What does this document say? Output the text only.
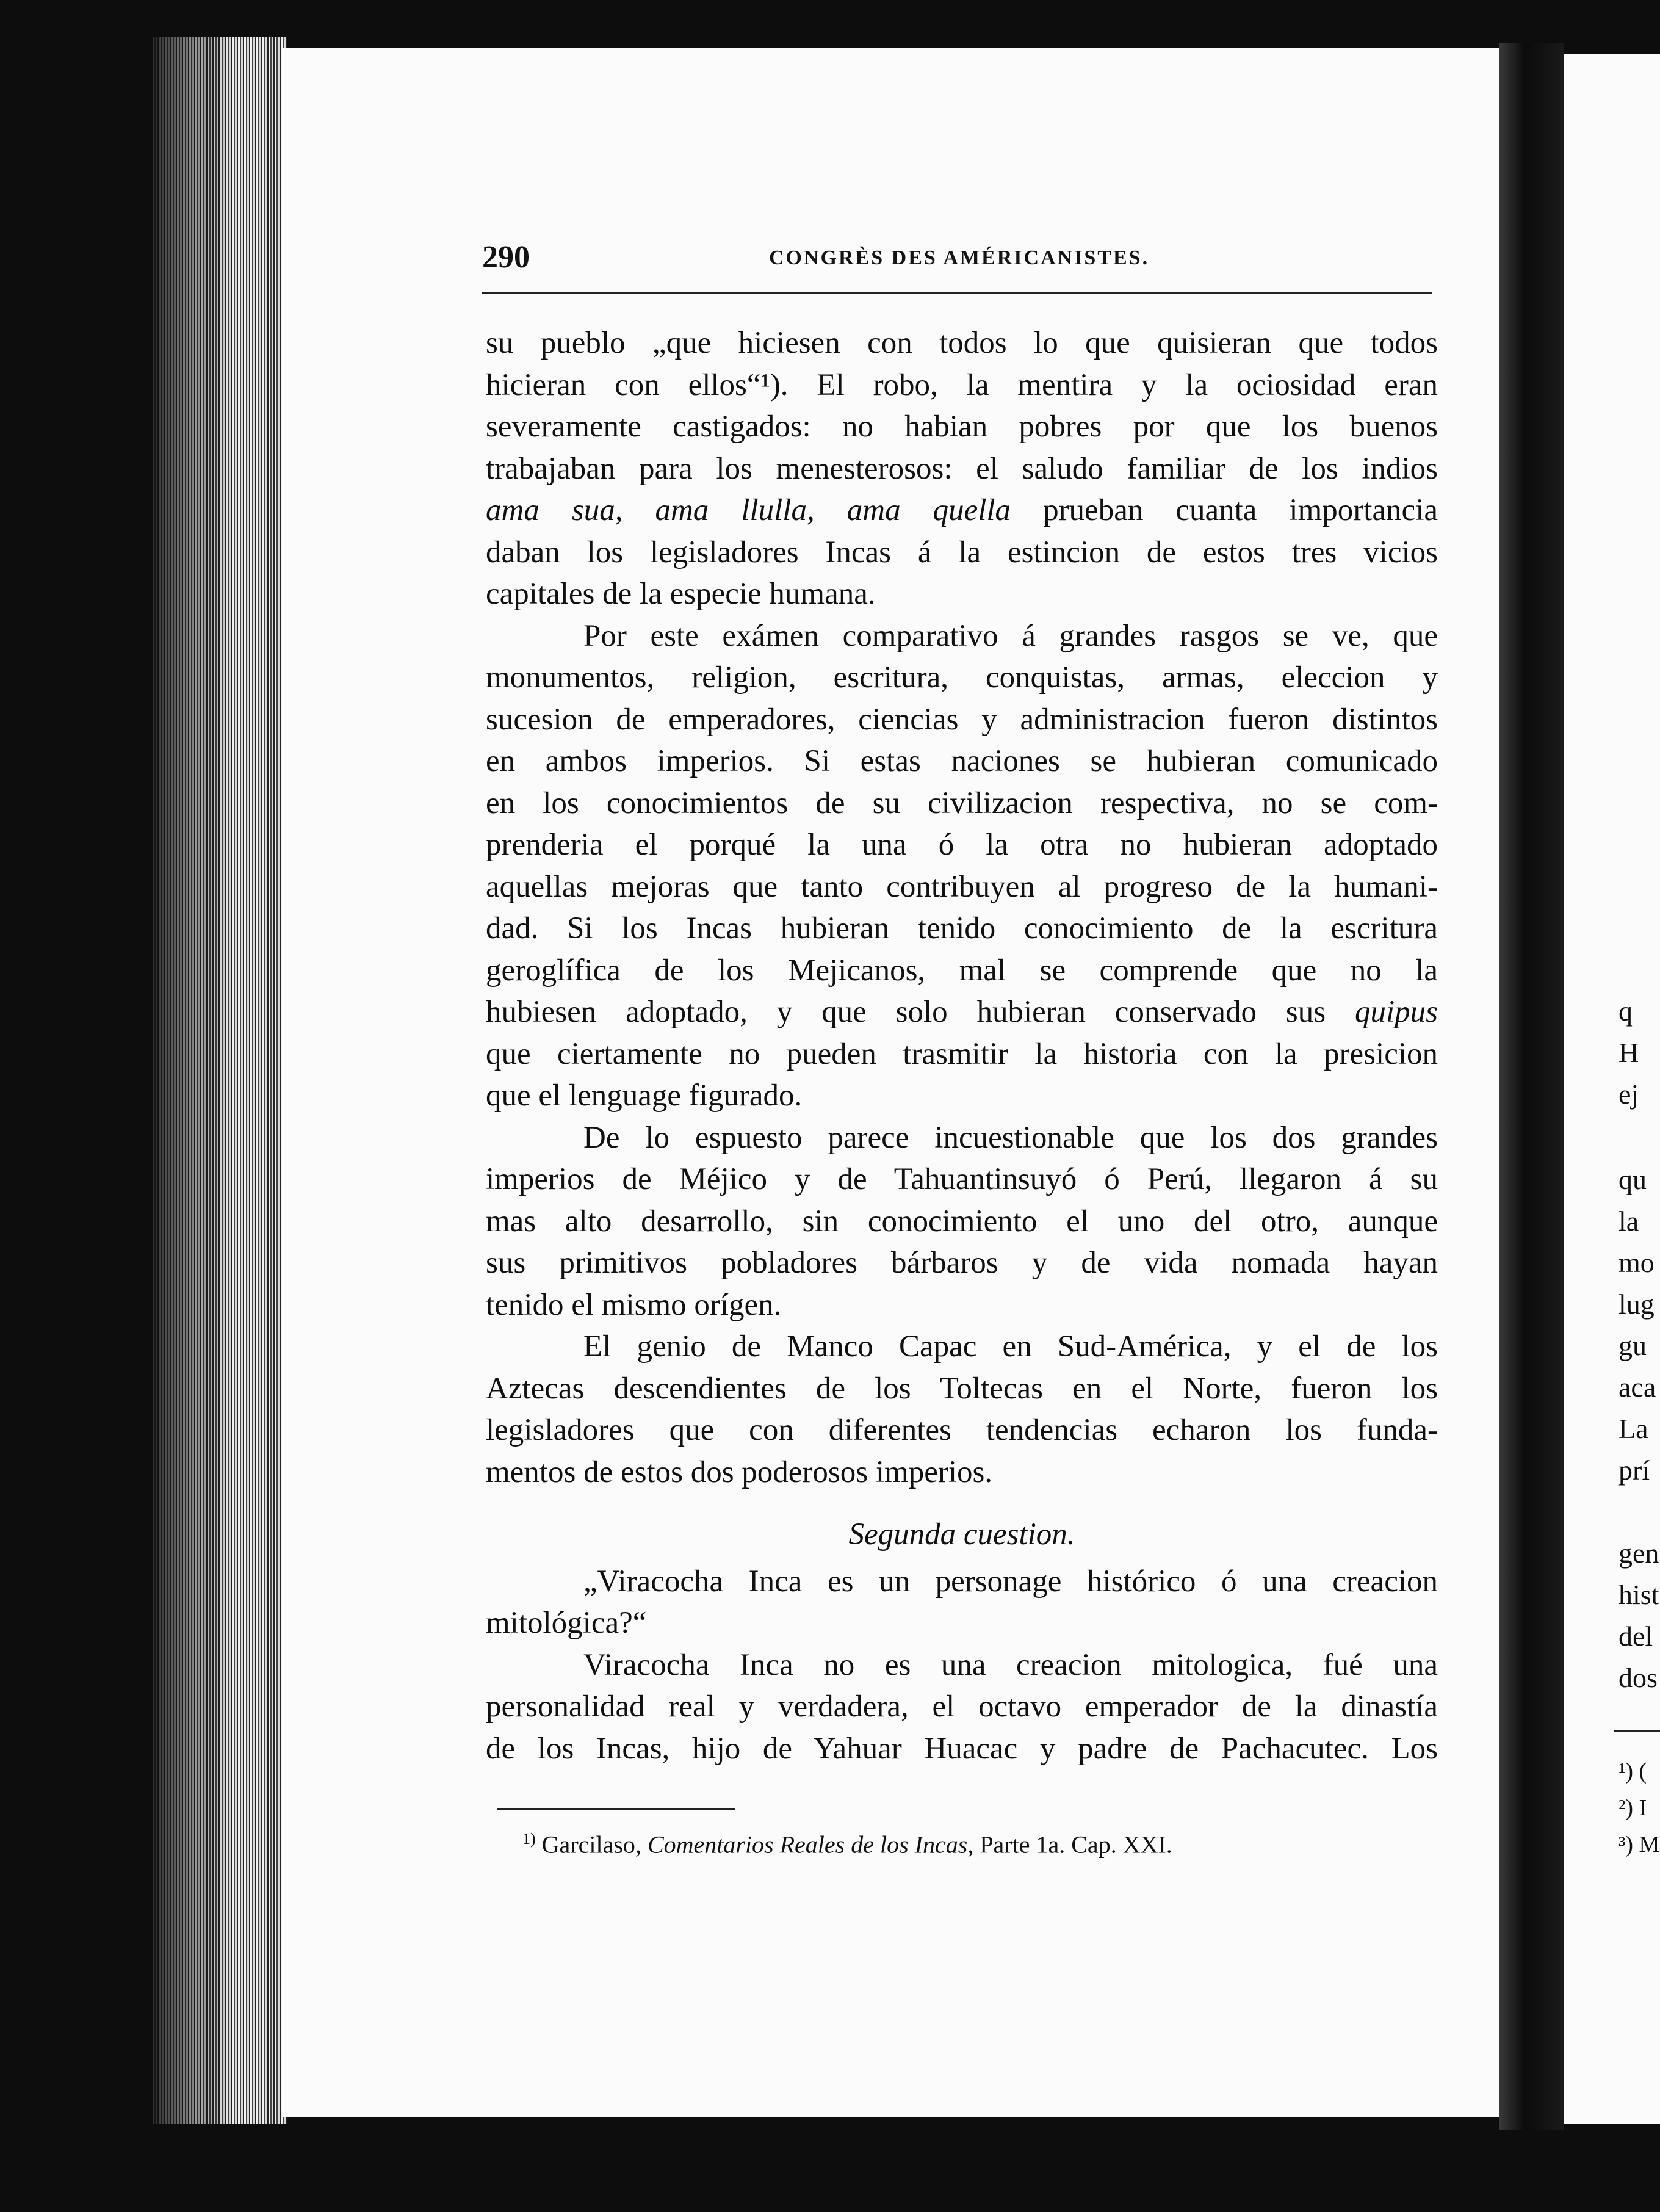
290	CONGRÈS DES AMÉRICANISTES.
su pueblo „que hiciesen con todos lo que quisieran que todos
hicieran con ellos“¹). El robo, la mentira y la ociosidad eran
severamente castigados: no habian pobres por que los buenos
trabajaban para los menesterosos: el saludo familiar de los indios
ama sua, ama llulla, ama quella prueban cuanta importancia
daban los legisladores Incas á la estincion de estos tres vicios
capitales de la especie humana.
Por este exámen comparativo á grandes rasgos se ve, que
monumentos, religion, escritura, conquistas, armas, eleccion y
sucesion de emperadores, ciencias y administracion fueron distintos
en ambos imperios. Si estas naciones se hubieran comunicado
en los conocimientos de su civilizacion respectiva, no se com-
prenderia el porqué la una ó la otra no hubieran adoptado
aquellas mejoras que tanto contribuyen al progreso de la humani-
dad. Si los Incas hubieran tenido conocimiento de la escritura
geroglífica de los Mejicanos, mal se comprende que no la
hubiesen adoptado, y que solo hubieran conservado sus quipus
que ciertamente no pueden trasmitir la historia con la presicion
que el lenguage figurado.
De lo espuesto parece incuestionable que los dos grandes
imperios de Méjico y de Tahuantinsuyó ó Perú, llegaron á su
mas alto desarrollo, sin conocimiento el uno del otro, aunque
sus primitivos pobladores bárbaros y de vida nomada hayan
tenido el mismo orígen.
El genio de Manco Capac en Sud-América, y el de los
Aztecas descendientes de los Toltecas en el Norte, fueron los
legisladores que con diferentes tendencias echaron los funda-
mentos de estos dos poderosos imperios.
Segunda cuestion.
„Viracocha Inca es un personage histórico ó una creacion
mitológica?“
Viracocha Inca no es una creacion mitologica, fué una
personalidad real y verdadera, el octavo emperador de la dinastía
de los Incas, hijo de Yahuar Huacac y padre de Pachacutec. Los
$^{1)}$ Garcilaso, Comentarios Reales de los Incas, Parte 1a. Cap. XXI.
q
H
ej
qu
la
mo
lug
gu
aca
La
prí
gen
hist
del
dos
¹) (
²) I
³) M
